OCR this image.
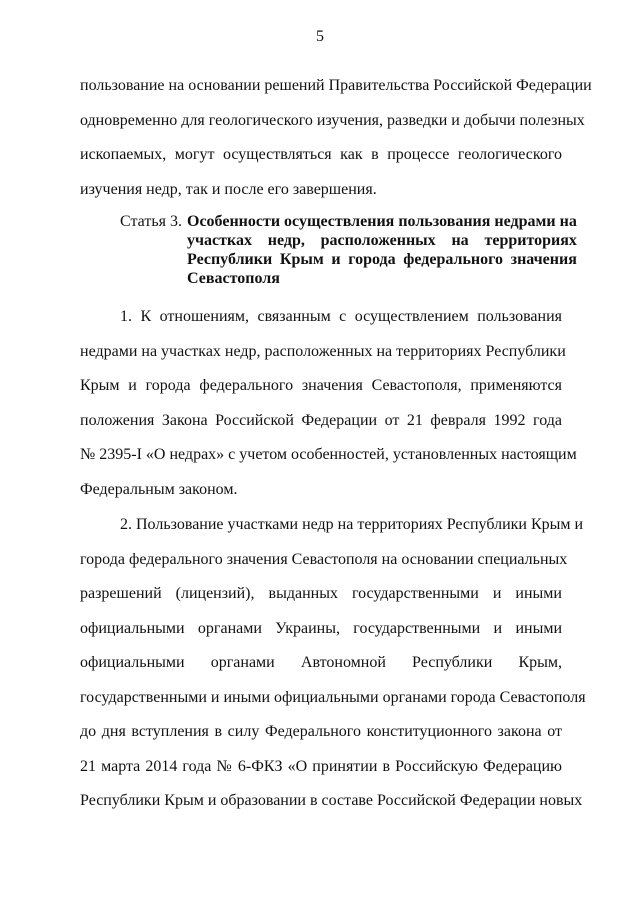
5
пользование на основании решений Правительства Российской Федерации
одновременно для геологического изучения, разведки и добычи полезных
ископаемых, могут осуществляться как в процессе геологического
изучения недр, так и после его завершения.
Статья 3. Особенности осуществления пользования недрами на
участках недр, расположенных на территориях
Республики Крым и города федерального значения
Севастополя
1. К отношениям, связанным с осуществлением пользования
недрами на участках недр, расположенных на территориях Республики
Крым и города федерального значения Севастополя, применяются
положения Закона Российской Федерации от 21 февраля 1992 года
№ 2395-I «О недрах» с учетом особенностей, установленных настоящим
Федеральным законом.
2. Пользование участками недр на территориях Республики Крым и
города федерального значения Севастополя на основании специальных
разрешений (лицензий), выданных государственными и иными
официальными органами Украины, государственными и иными
официальными органами Автономной Республики Крым,
государственными и иными официальными органами города Севастополя
до дня вступления в силу Федерального конституционного закона от
21 марта 2014 года № 6-ФКЗ «О принятии в Российскую Федерацию
Республики Крым и образовании в составе Российской Федерации новых
